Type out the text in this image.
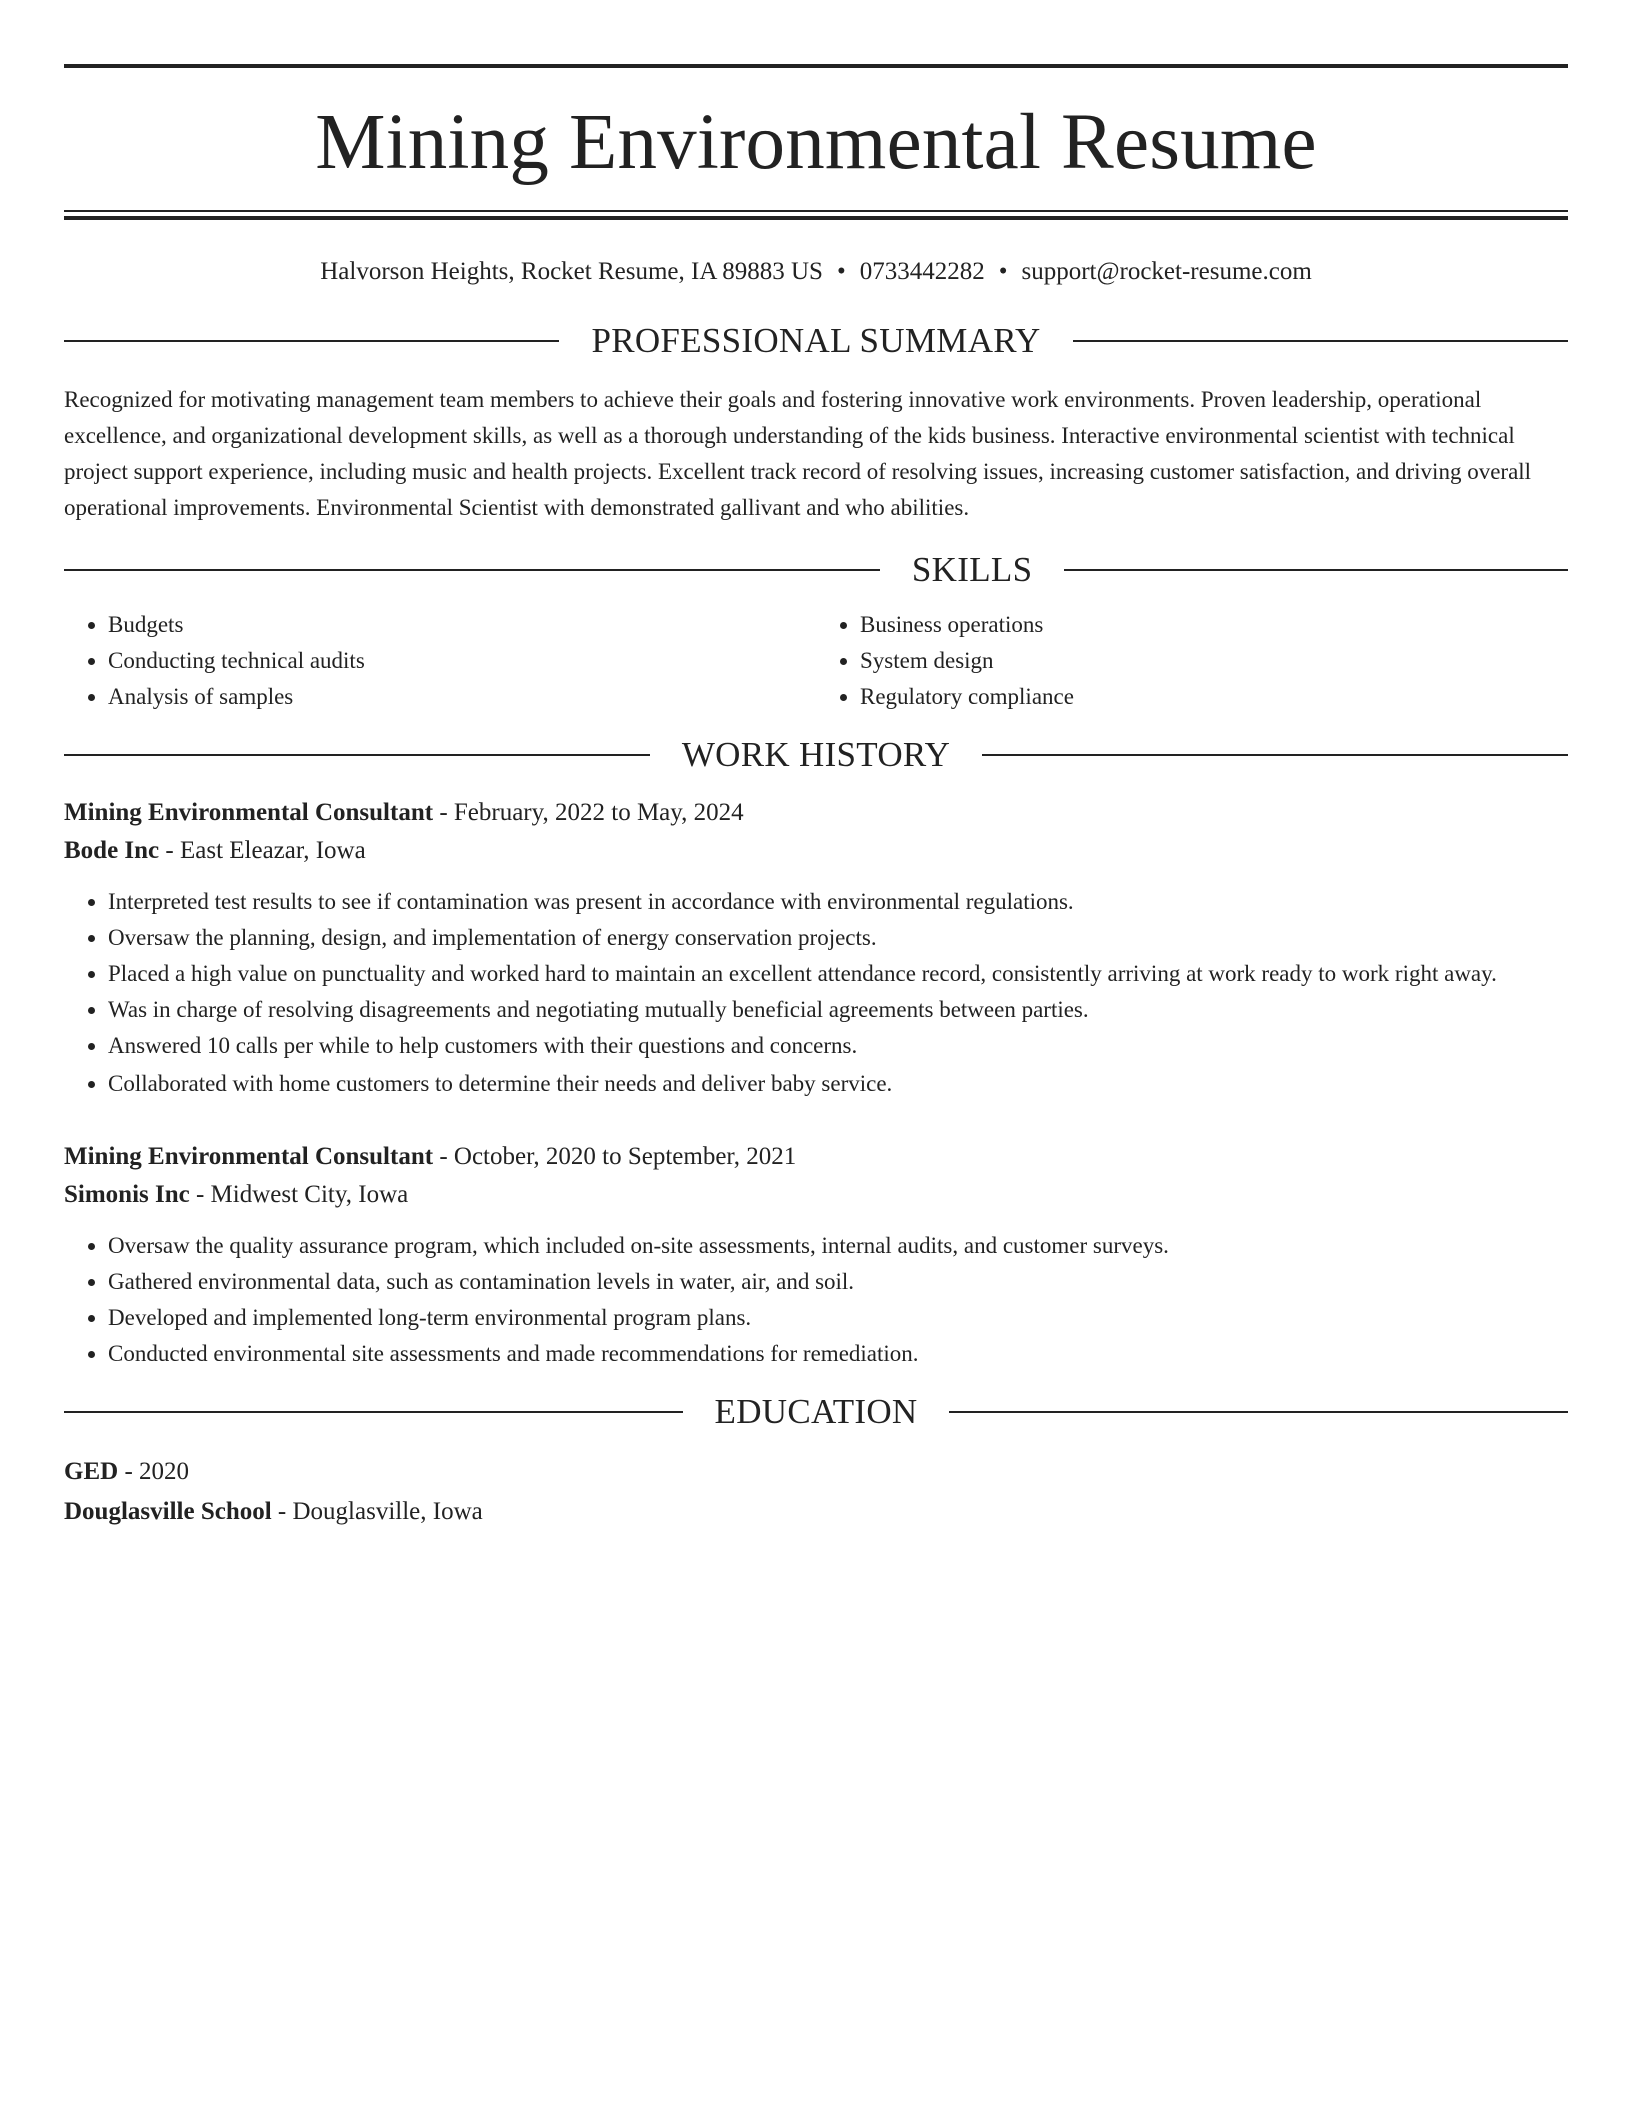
Mining Environmental Resume
Halvorson Heights, Rocket Resume, IA 89883 US • 0733442282 • support@rocket-resume.com
PROFESSIONAL SUMMARY

Recognized for motivating management team members to achieve their goals and fostering innovative work environments. Proven leadership, operational excellence, and organizational development skills, as well as a thorough understanding of the kids business. Interactive environmental scientist with technical project support experience, including music and health projects. Excellent track record of resolving issues, increasing customer satisfaction, and driving overall operational improvements. Environmental Scientist with demonstrated gallivant and who abilities.

SKILLS
• Budgets
• Conducting technical audits
• Analysis of samples
• Business operations
• System design
• Regulatory compliance
WORK HISTORY
Mining Environmental Consultant - February, 2022 to May, 2024
Bode Inc - East Eleazar, Iowa
• Interpreted test results to see if contamination was present in accordance with environmental regulations.
• Oversaw the planning, design, and implementation of energy conservation projects.
• Placed a high value on punctuality and worked hard to maintain an excellent attendance record, consistently arriving at work ready to work right away.
• Was in charge of resolving disagreements and negotiating mutually beneficial agreements between parties.
• Answered 10 calls per while to help customers with their questions and concerns.
• Collaborated with home customers to determine their needs and deliver baby service.
Mining Environmental Consultant - October, 2020 to September, 2021
Simonis Inc - Midwest City, Iowa
• Oversaw the quality assurance program, which included on-site assessments, internal audits, and customer surveys.
• Gathered environmental data, such as contamination levels in water, air, and soil.
• Developed and implemented long-term environmental program plans.
• Conducted environmental site assessments and made recommendations for remediation.
EDUCATION
GED - 2020
Douglasville School - Douglasville, Iowa
